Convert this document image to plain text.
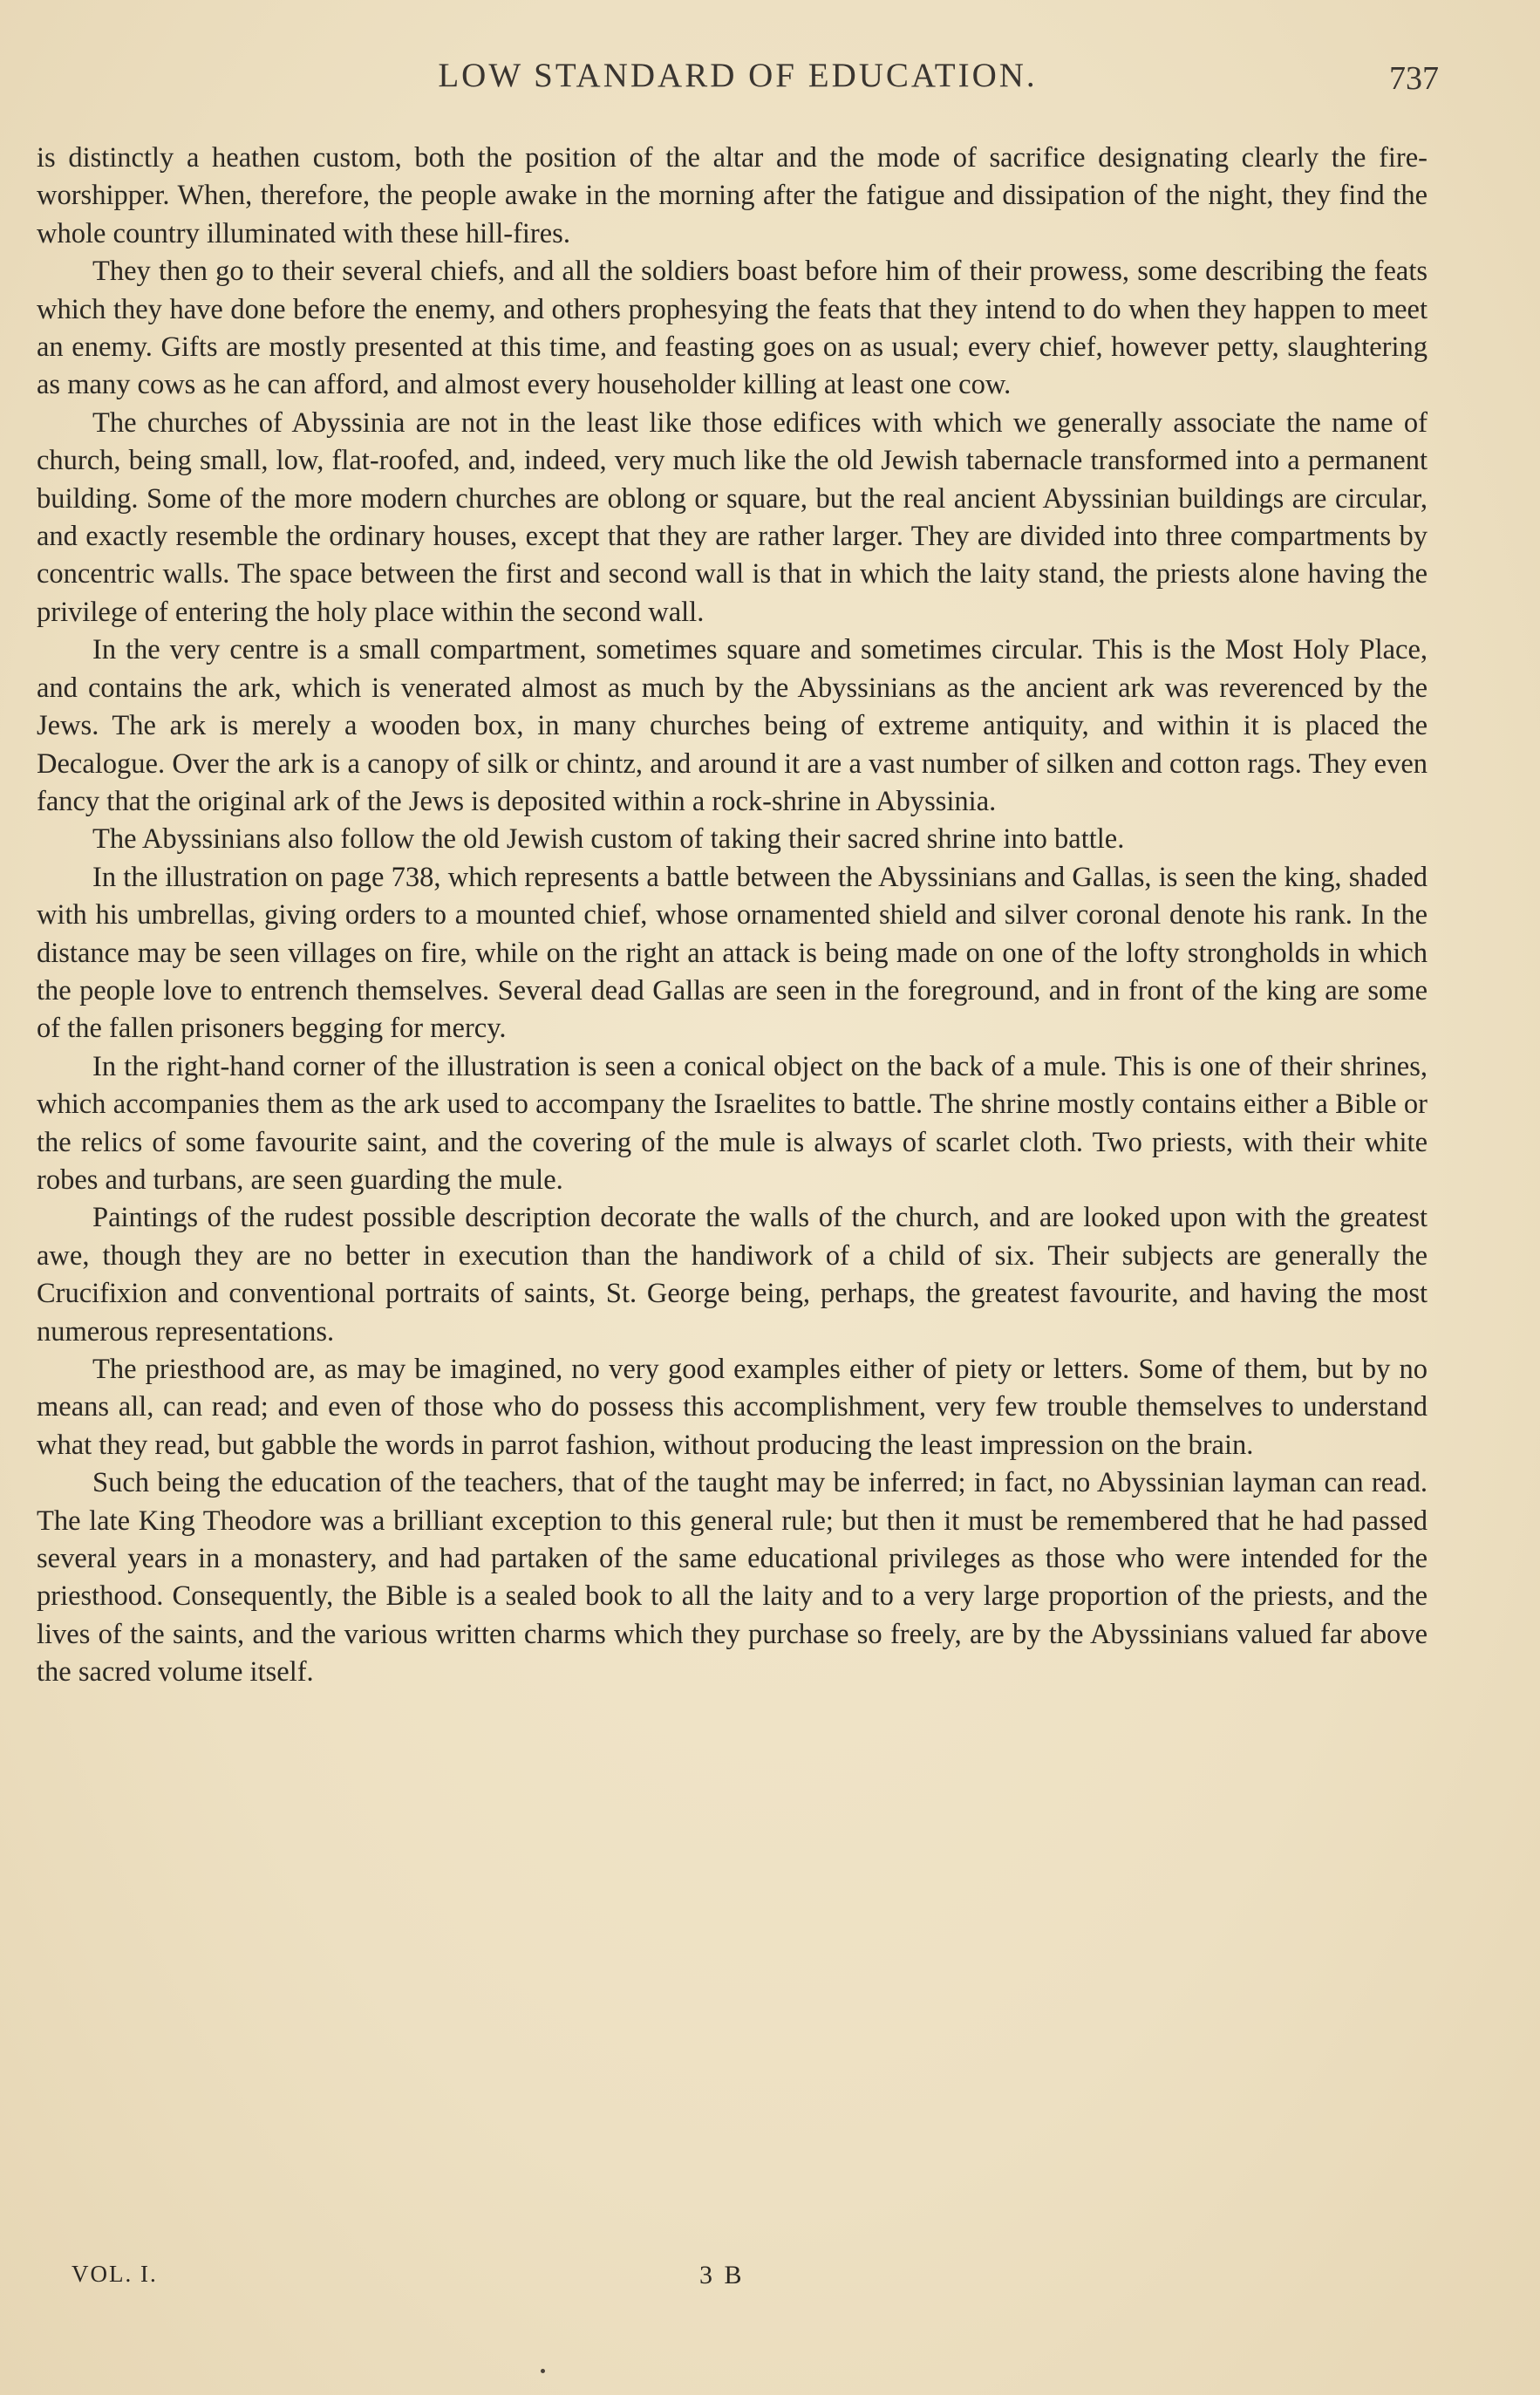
LOW STANDARD OF EDUCATION.	737

is distinctly a heathen custom, both the position of the altar and the mode of sacrifice designating clearly the fire-worshipper. When, therefore, the people awake in the morning after the fatigue and dissipation of the night, they find the whole country illuminated with these hill-fires.

They then go to their several chiefs, and all the soldiers boast before him of their prowess, some describing the feats which they have done before the enemy, and others prophesying the feats that they intend to do when they happen to meet an enemy. Gifts are mostly presented at this time, and feasting goes on as usual; every chief, however petty, slaughtering as many cows as he can afford, and almost every householder killing at least one cow.

The churches of Abyssinia are not in the least like those edifices with which we generally associate the name of church, being small, low, flat-roofed, and, indeed, very much like the old Jewish tabernacle transformed into a permanent building. Some of the more modern churches are oblong or square, but the real ancient Abyssinian buildings are circular, and exactly resemble the ordinary houses, except that they are rather larger. They are divided into three compartments by concentric walls. The space between the first and second wall is that in which the laity stand, the priests alone having the privilege of entering the holy place within the second wall.

In the very centre is a small compartment, sometimes square and sometimes circular. This is the Most Holy Place, and contains the ark, which is venerated almost as much by the Abyssinians as the ancient ark was reverenced by the Jews. The ark is merely a wooden box, in many churches being of extreme antiquity, and within it is placed the Decalogue. Over the ark is a canopy of silk or chintz, and around it are a vast number of silken and cotton rags. They even fancy that the original ark of the Jews is deposited within a rock-shrine in Abyssinia.

The Abyssinians also follow the old Jewish custom of taking their sacred shrine into battle.

In the illustration on page 738, which represents a battle between the Abyssinians and Gallas, is seen the king, shaded with his umbrellas, giving orders to a mounted chief, whose ornamented shield and silver coronal denote his rank. In the distance may be seen villages on fire, while on the right an attack is being made on one of the lofty strongholds in which the people love to entrench themselves. Several dead Gallas are seen in the foreground, and in front of the king are some of the fallen prisoners begging for mercy.

In the right-hand corner of the illustration is seen a conical object on the back of a mule. This is one of their shrines, which accompanies them as the ark used to accompany the Israelites to battle. The shrine mostly contains either a Bible or the relics of some favourite saint, and the covering of the mule is always of scarlet cloth. Two priests, with their white robes and turbans, are seen guarding the mule.

Paintings of the rudest possible description decorate the walls of the church, and are looked upon with the greatest awe, though they are no better in execution than the handiwork of a child of six. Their subjects are generally the Crucifixion and conventional portraits of saints, St. George being, perhaps, the greatest favourite, and having the most numerous representations.

The priesthood are, as may be imagined, no very good examples either of piety or letters. Some of them, but by no means all, can read; and even of those who do possess this accomplishment, very few trouble themselves to understand what they read, but gabble the words in parrot fashion, without producing the least impression on the brain.

Such being the education of the teachers, that of the taught may be inferred; in fact, no Abyssinian layman can read. The late King Theodore was a brilliant exception to this general rule; but then it must be remembered that he had passed several years in a monastery, and had partaken of the same educational privileges as those who were intended for the priesthood. Consequently, the Bible is a sealed book to all the laity and to a very large proportion of the priests, and the lives of the saints, and the various written charms which they purchase so freely, are by the Abyssinians valued far above the sacred volume itself.

VOL. I.	3 B
